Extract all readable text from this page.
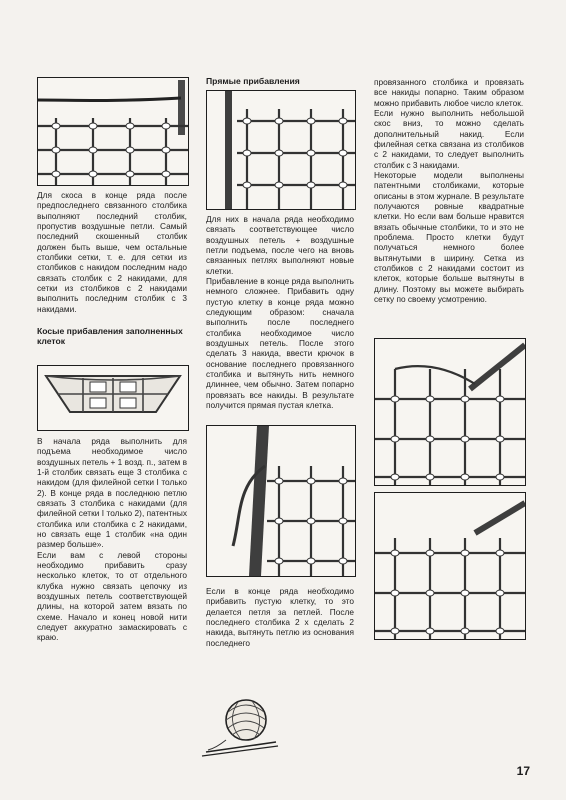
Для скоса в конце ряда после предпоследнего связанного столбика выполняют последний столбик, пропустив воздушные петли. Самый последний скошенный столбик должен быть выше, чем остальные столбики сетки, т. е. для сетки из столбиков с накидом последним надо связать столбик с 2 накидами, для сетки из столбиков с 2 накидами выполнить последним столбик с 3 накидами.

Косые прибавления заполненных клеток

В начала ряда выполнить для подъема необходимое число воздушных петель + 1 возд. п., затем в 1-й столбик связать еще 3 столбика с накидом (для филейной сетки I только 2). В конце ряда в последнюю петлю связать 3 столбика с накидами (для филейной сетки I только 2), патентных столбика или столбика с 2 накидами, но связать еще 1 столбик «на один размер больше».

Если вам с левой стороны необходимо прибавить сразу несколько клеток, то от отдельного клубка нужно связать цепочку из воздушных петель соответствующей длины, на которой затем вязать по схеме. Начало и конец новой нити следует аккуратно замаскировать с краю.

Прямые прибавления

Для них в начала ряда необходимо связать соответствующее число воздушных петель + воздушные петли подъема, после чего на вновь связанных петлях выполняют новые клетки.

Прибавление в конце ряда выполнить немного сложнее. Прибавить одну пустую клетку в конце ряда можно следующим образом: сначала выполнить после последнего столбика необходимое число воздушных петель. После этого сделать 3 накида, ввести крючок в основание последнего провязанного столбика и вытянуть нить немного длиннее, чем обычно. Затем попарно провязать все накиды. В результате получится прямая пустая клетка.

Если в конце ряда необходимо прибавить пустую клетку, то это делается петля за петлей. После последнего столбика 2 х сделать 2 накида, вытянуть петлю из основания последнего

провязанного столбика и провязать все накиды попарно. Таким образом можно прибавить любое число клеток.

Если нужно выполнить небольшой скос вниз, то можно сделать дополнительный накид. Если филейная сетка связана из столбиков с 2 накидами, то следует выполнить столбик с 3 накидами.

Некоторые модели выполнены патентными столбиками, которые описаны в этом журнале. В результате получаются ровные квадратные клетки. Но если вам больше нравится вязать обычные столбики, то и это не проблема. Просто клетки будут получаться немного более вытянутыми в ширину. Сетка из столбиков с 2 накидами состоит из клеток, которые больше вытянуты в длину. Поэтому вы можете выбирать сетку по своему усмотрению.

17
